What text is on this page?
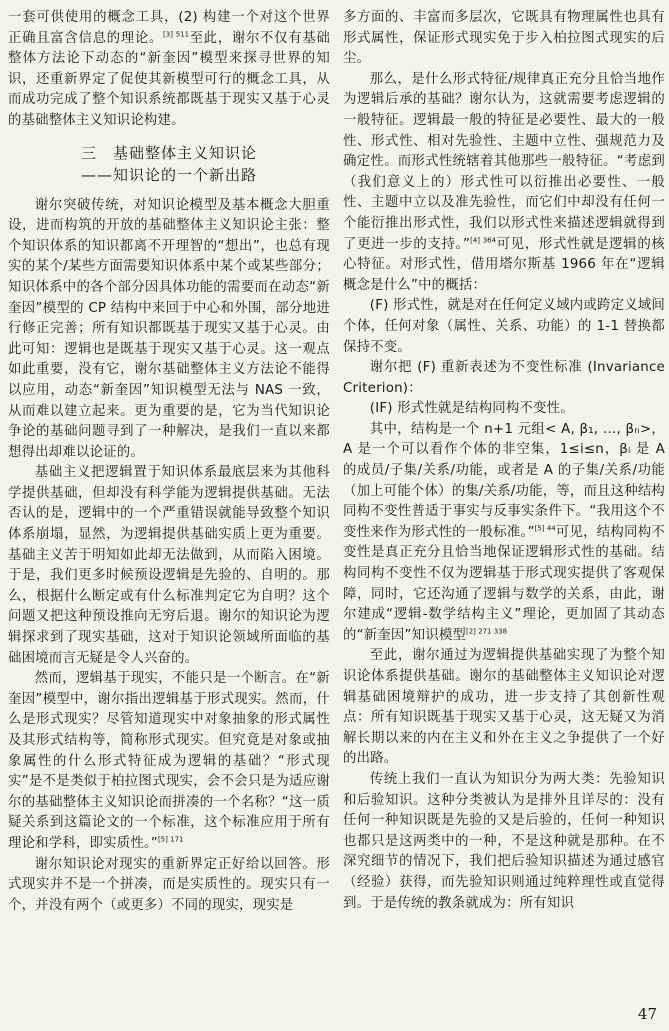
一套可供使用的概念工具，(2) 构建一个对这个世界正确且富含信息的理论。$^{[3] 511}$至此，谢尔不仅有基础整体方法论下动态的“新奎因”模型来探寻世界的知识，还重新界定了促使其新模型可行的概念工具，从而成功完成了整个知识系统都既基于现实又基于心灵的基础整体主义知识论构建。

三　基础整体主义知识论
——知识论的一个新出路

谢尔突破传统，对知识论模型及基本概念大胆重设，进而构筑的开放的基础整体主义知识论主张：整个知识体系的知识都离不开理智的“想出”，也总有现实的某个/某些方面需要知识体系中某个或某些部分；知识体系中的各个部分因具体功能的需要而在动态“新奎因”模型的 CP 结构中来回于中心和外围，部分地进行修正完善；所有知识都既基于现实又基于心灵。由此可知：逻辑也是既基于现实又基于心灵。这一观点如此重要，没有它，谢尔基础整体主义方法论不能得以应用，动态“新奎因”知识模型无法与 NAS 一致，从而难以建立起来。更为重要的是，它为当代知识论争论的基础问题寻到了一种解决，是我们一直以来都想得出却难以论证的。

基础主义把逻辑置于知识体系最底层来为其他科学提供基础，但却没有科学能为逻辑提供基础。无法否认的是，逻辑中的一个严重错误就能导致整个知识体系崩塌，显然，为逻辑提供基础实质上更为重要。基础主义苦于明知如此却无法做到，从而陷入困境。于是，我们更多时候预设逻辑是先验的、自明的。那么，根据什么断定或有什么标准判定它为自明？这个问题又把这种预设推向无穷后退。谢尔的知识论为逻辑探求到了现实基础，这对于知识论领域所面临的基础困境而言无疑是令人兴奋的。

然而，逻辑基于现实，不能只是一个断言。在“新奎因”模型中，谢尔指出逻辑基于形式现实。然而，什么是形式现实？尽管知道现实中对象抽象的形式属性及其形式结构等，简称形式现实。但究竟是对象或抽象属性的什么形式特征成为逻辑的基础？“形式现实”是不是类似于柏拉图式现实，会不会只是为适应谢尔的基础整体主义知识论而拼凑的一个名称？“这一质疑关系到这篇论文的一个标准，这个标准应用于所有理论和学科，即实质性。”$^{[5] 171}$

谢尔知识论对现实的重新界定正好给以回答。形式现实并不是一个拼凑，而是实质性的。现实只有一个，并没有两个（或更多）不同的现实，现实是

多方面的、丰富而多层次，它既具有物理属性也具有形式属性，保证形式现实免于步入柏拉图式现实的后尘。

那么，是什么形式特征/规律真正充分且恰当地作为逻辑后承的基础？谢尔认为，这就需要考虑逻辑的一般特征。逻辑最一般的特征是必要性、最大的一般性、形式性、相对先验性、主题中立性、强规范力及确定性。而形式性统辖着其他那些一般特征。“考虑到（我们意义上的）形式性可以衍推出必要性、一般性、主题中立以及准先验性，而它们中却没有任何一个能衍推出形式性，我们以形式性来描述逻辑就得到了更进一步的支持。”$^{[4] 364}$可见，形式性就是逻辑的核心特征。对形式性，借用塔尔斯基 1966 年在“逻辑概念是什么”中的概括：

(F) 形式性，就是对在任何定义域内或跨定义域间个体，任何对象（属性、关系、功能）的 1-1 替换都保持不变。

谢尔把 (F) 重新表述为不变性标准 (Invariance Criterion)：

(IF) 形式性就是结构同构不变性。

其中，结构是一个 n+1 元组< A, β₁, …, βₙ>，A 是一个可以看作个体的非空集，1≤i≤n，βᵢ 是 A 的成员/子集/关系/功能，或者是 A 的子集/关系/功能（加上可能个体）的集/关系/功能，等，而且这种结构同构不变性普适于事实与反事实条件下。“我用这个不变性来作为形式性的一般标准。”$^{[5] 44}$可见，结构同构不变性是真正充分且恰当地保证逻辑形式性的基础。结构同构不变性不仅为逻辑基于形式现实提供了客观保障，同时，它还沟通了逻辑与数学的关系，由此，谢尔建成“逻辑-数学结构主义”理论，更加固了其动态的“新奎因”知识模型$^{[2] 271 338}$

至此，谢尔通过为逻辑提供基础实现了为整个知识论体系提供基础。谢尔的基础整体主义知识论对逻辑基础困境辩护的成功，进一步支持了其创新性观点：所有知识既基于现实又基于心灵，这无疑又为消解长期以来的内在主义和外在主义之争提供了一个好的出路。

传统上我们一直认为知识分为两大类：先验知识和后验知识。这种分类被认为是排外且详尽的：没有任何一种知识既是先验的又是后验的，任何一种知识也都只是这两类中的一种，不是这种就是那种。在不深究细节的情况下，我们把后验知识描述为通过感官（经验）获得，而先验知识则通过纯粹理性或直觉得到。于是传统的教条就成为：所有知识

47
